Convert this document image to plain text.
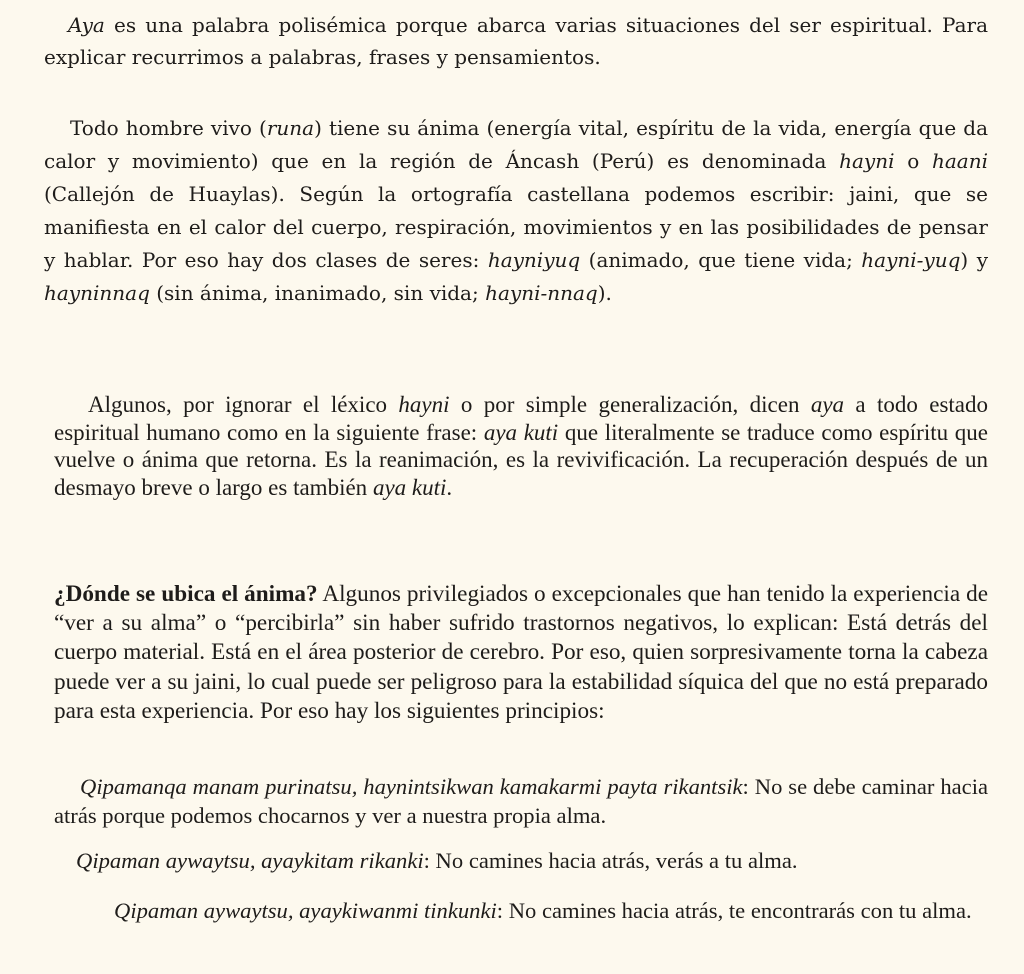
Aya es una palabra polisémica porque abarca varias situaciones del ser espiritual. Para explicar recurrimos a palabras, frases y pensamientos.

Todo hombre vivo (runa) tiene su ánima (energía vital, espíritu de la vida, energía que da calor y movimiento) que en la región de Áncash (Perú) es denominada hayni o haani (Callejón de Huaylas). Según la ortografía castellana podemos escribir: jaini, que se manifiesta en el calor del cuerpo, respiración, movimientos y en las posibilidades de pensar y hablar. Por eso hay dos clases de seres: hayniyuq (animado, que tiene vida; hayni-yuq) y hayninnaq (sin ánima, inanimado, sin vida; hayni-nnaq).

Algunos, por ignorar el léxico hayni o por simple generalización, dicen aya a todo estado espiritual humano como en la siguiente frase: aya kuti que literalmente se traduce como espíritu que vuelve o ánima que retorna. Es la reanimación, es la revivificación. La recuperación después de un desmayo breve o largo es también aya kuti.

¿Dónde se ubica el ánima? Algunos privilegiados o excepcionales que han tenido la experiencia de “ver a su alma” o “percibirla” sin haber sufrido trastornos negativos, lo explican: Está detrás del cuerpo material. Está en el área posterior de cerebro. Por eso, quien sorpresivamente torna la cabeza puede ver a su jaini, lo cual puede ser peligroso para la estabilidad síquica del que no está preparado para esta experiencia. Por eso hay los siguientes principios:

Qipamanqa manam purinatsu, haynintsikwan kamakarmi payta rikantsik: No se debe caminar hacia atrás porque podemos chocarnos y ver a nuestra propia alma.

Qipaman aywaytsu, ayaykitam rikanki: No camines hacia atrás, verás a tu alma.

Qipaman aywaytsu, ayaykiwanmi tinkunki: No camines hacia atrás, te encontrarás con tu alma.
